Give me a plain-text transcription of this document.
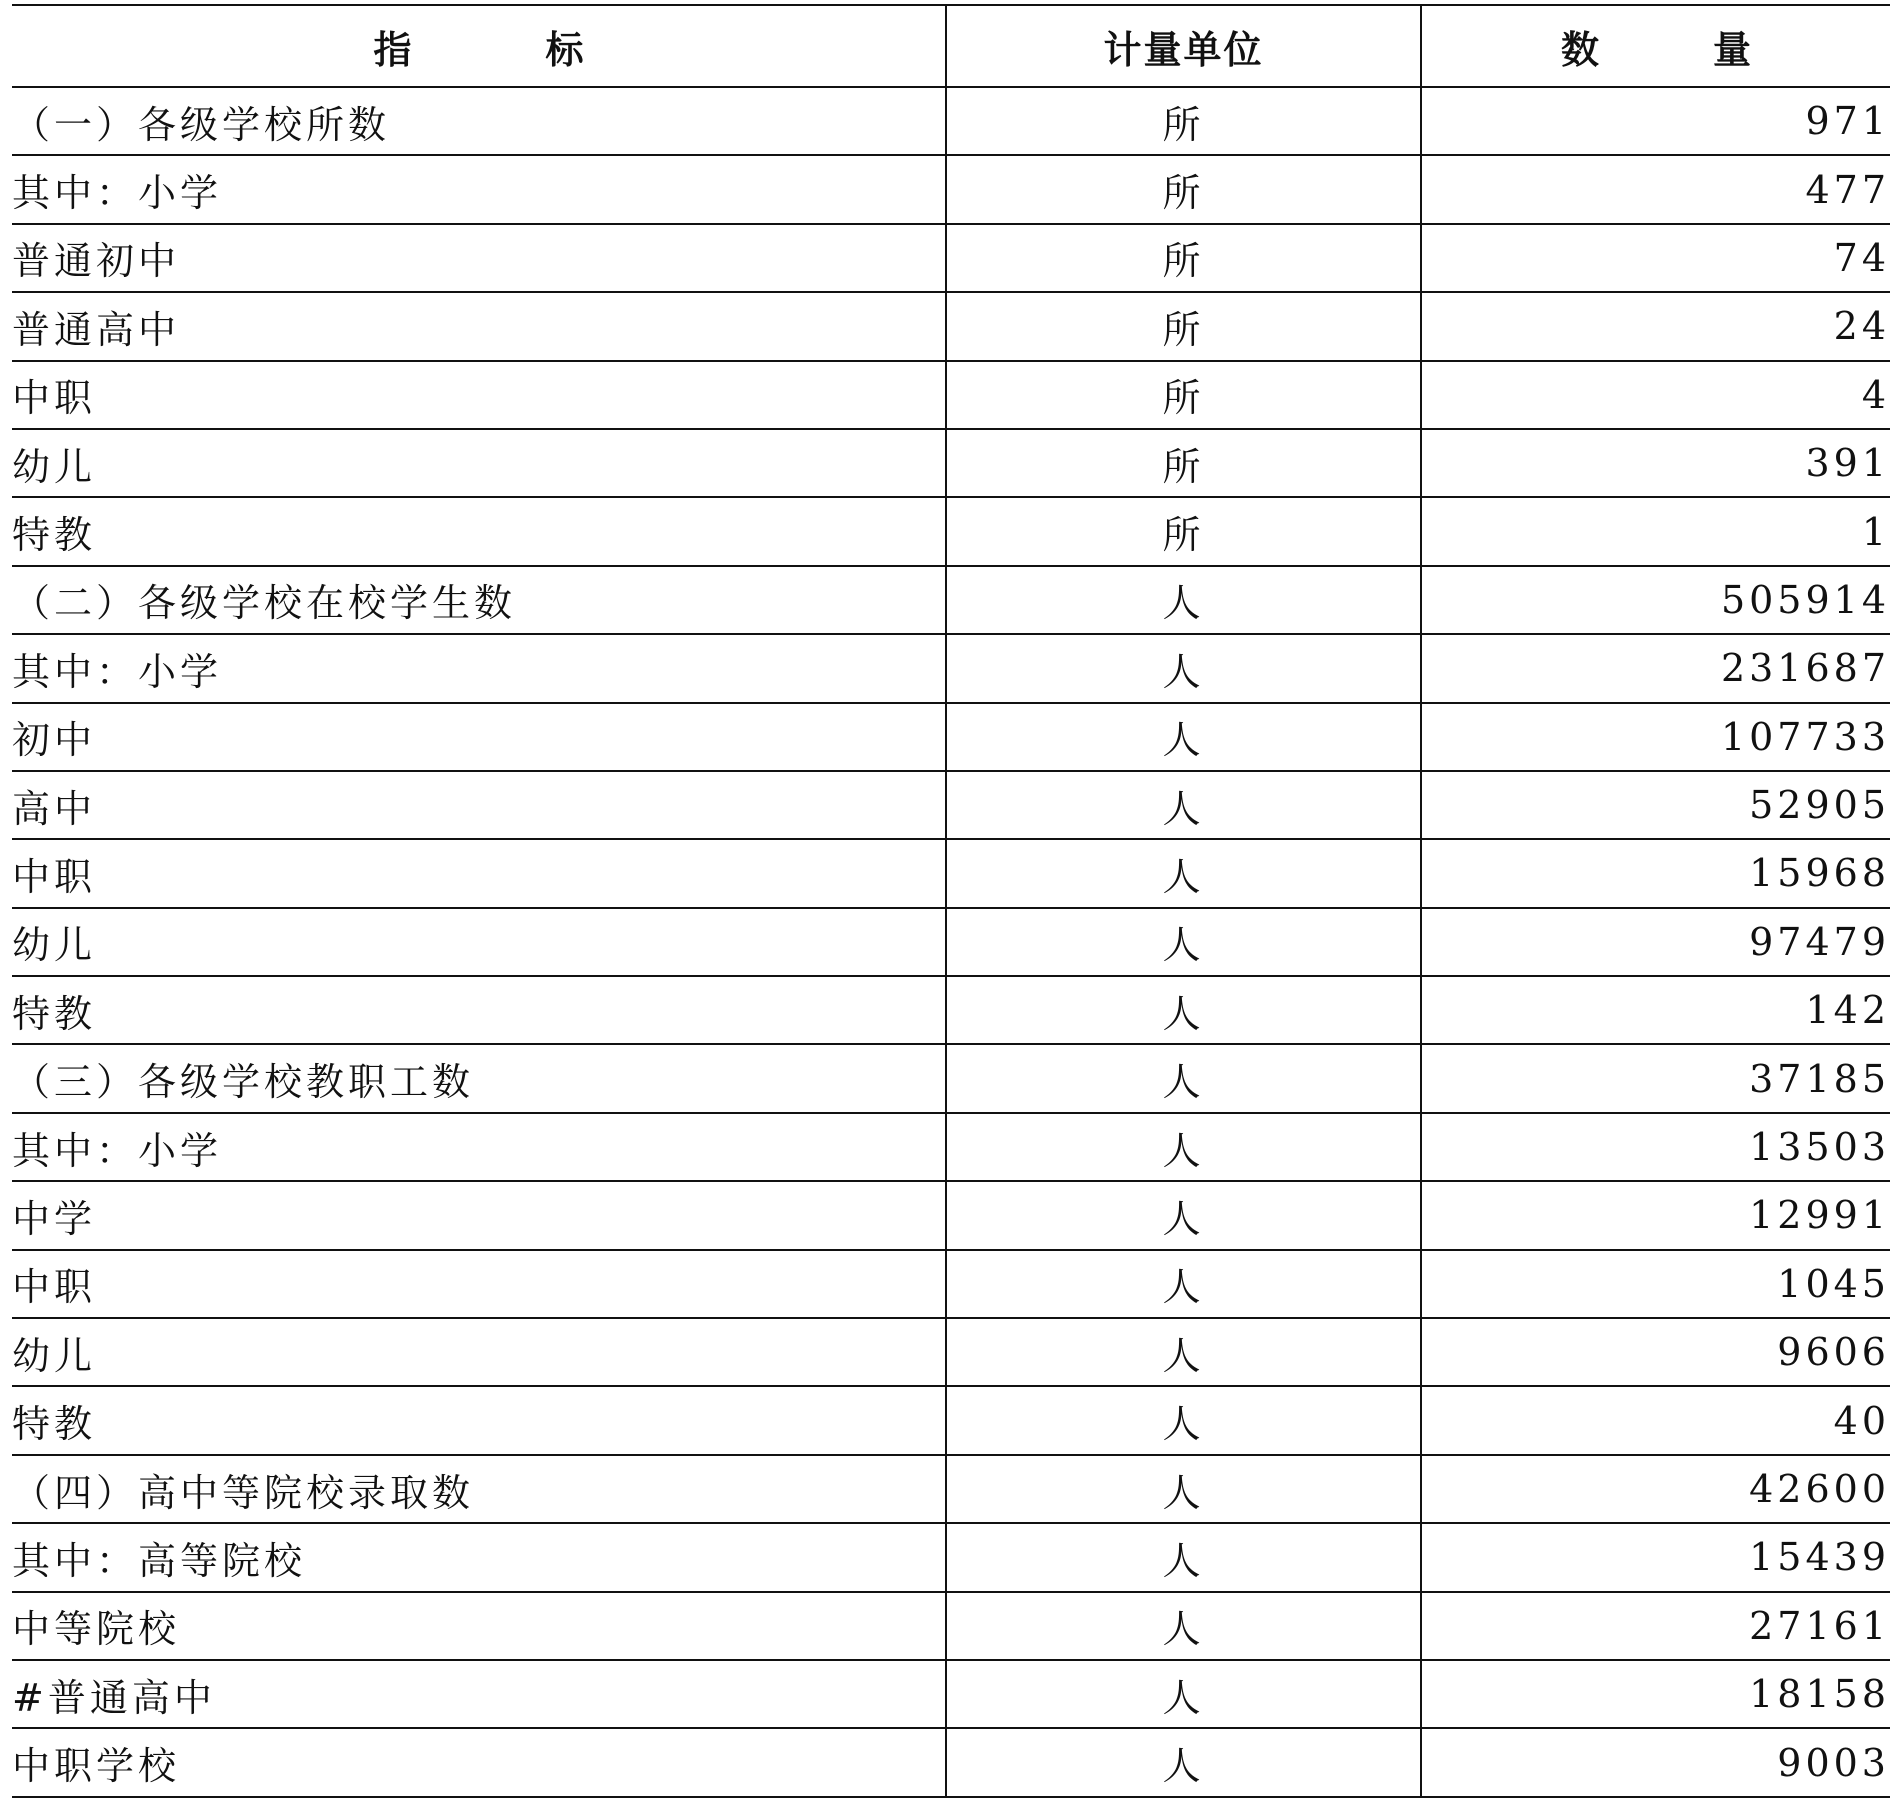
指　标	计量单位	数　量
（一）各级学校所数	所	971
其中：小学	所	477
普通初中	所	74
普通高中	所	24
中职	所	4
幼儿	所	391
特教	所	1
（二）各级学校在校学生数	人	505914
其中：小学	人	231687
初中	人	107733
高中	人	52905
中职	人	15968
幼儿	人	97479
特教	人	142
（三）各级学校教职工数	人	37185
其中：小学	人	13503
中学	人	12991
中职	人	1045
幼儿	人	9606
特教	人	40
（四）高中等院校录取数	人	42600
其中：高等院校	人	15439
中等院校	人	27161
#普通高中	人	18158
中职学校	人	9003
